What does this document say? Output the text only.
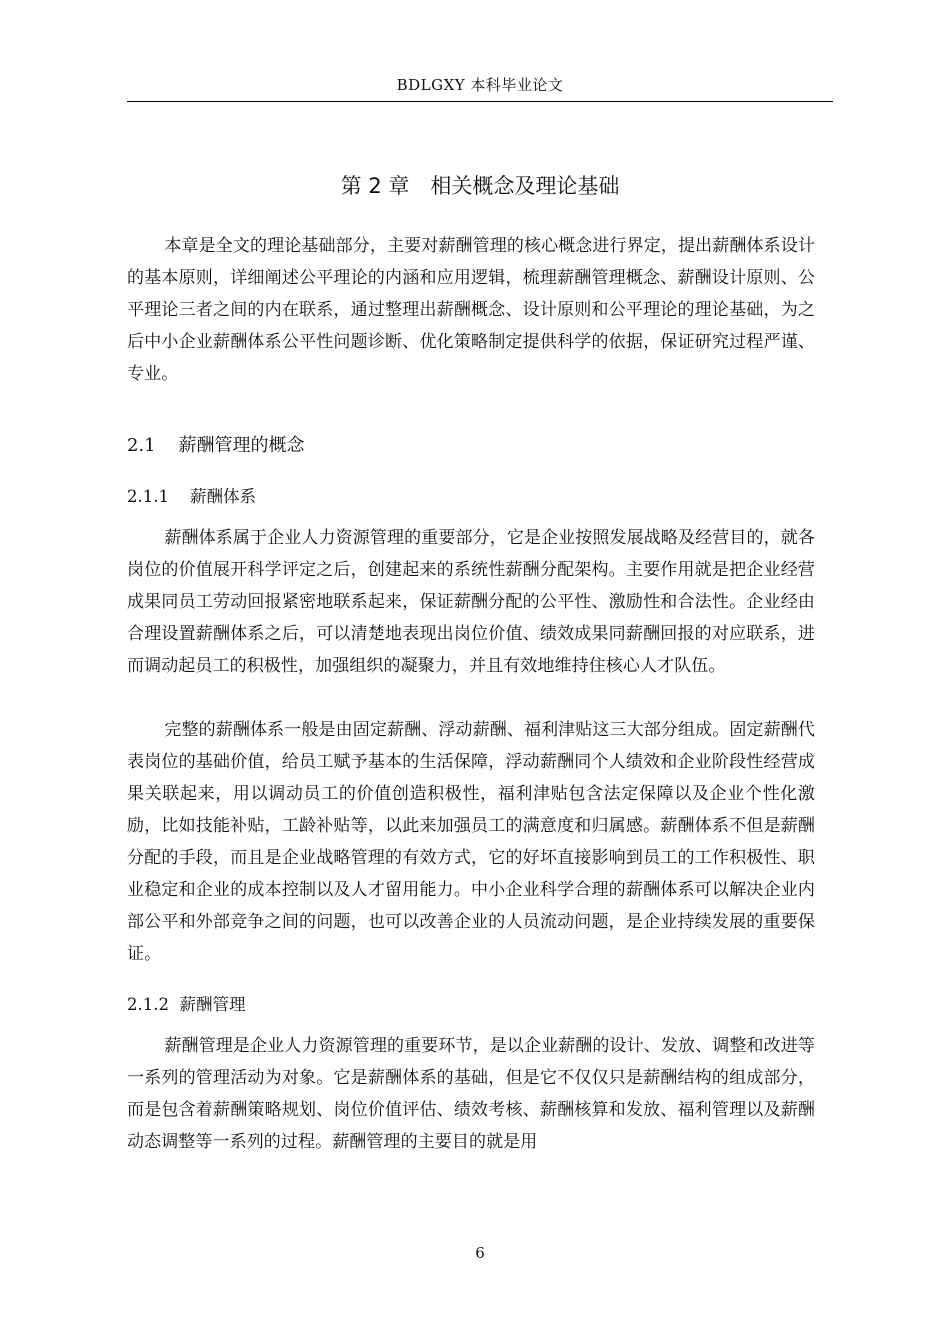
BDLGXY 本科毕业论文
第 2 章　相关概念及理论基础

本章是全文的理论基础部分，主要对薪酬管理的核心概念进行界定，提出薪酬体系设计的基本原则，详细阐述公平理论的内涵和应用逻辑，梳理薪酬管理概念、薪酬设计原则、公平理论三者之间的内在联系，通过整理出薪酬概念、设计原则和公平理论的理论基础，为之后中小企业薪酬体系公平性问题诊断、优化策略制定提供科学的依据，保证研究过程严谨、专业。

2.1 薪酬管理的概念
2.1.1 薪酬体系

薪酬体系属于企业人力资源管理的重要部分，它是企业按照发展战略及经营目的，就各岗位的价值展开科学评定之后，创建起来的系统性薪酬分配架构。主要作用就是把企业经营成果同员工劳动回报紧密地联系起来，保证薪酬分配的公平性、激励性和合法性。企业经由合理设置薪酬体系之后，可以清楚地表现出岗位价值、绩效成果同薪酬回报的对应联系，进而调动起员工的积极性，加强组织的凝聚力，并且有效地维持住核心人才队伍。

完整的薪酬体系一般是由固定薪酬、浮动薪酬、福利津贴这三大部分组成。固定薪酬代表岗位的基础价值，给员工赋予基本的生活保障，浮动薪酬同个人绩效和企业阶段性经营成果关联起来，用以调动员工的价值创造积极性，福利津贴包含法定保障以及企业个性化激励，比如技能补贴，工龄补贴等，以此来加强员工的满意度和归属感。薪酬体系不但是薪酬分配的手段，而且是企业战略管理的有效方式，它的好坏直接影响到员工的工作积极性、职业稳定和企业的成本控制以及人才留用能力。中小企业科学合理的薪酬体系可以解决企业内部公平和外部竞争之间的问题，也可以改善企业的人员流动问题，是企业持续发展的重要保证。

2.1.2 薪酬管理

薪酬管理是企业人力资源管理的重要环节，是以企业薪酬的设计、发放、调整和改进等一系列的管理活动为对象。它是薪酬体系的基础，但是它不仅仅只是薪酬结构的组成部分，而是包含着薪酬策略规划、岗位价值评估、绩效考核、薪酬核算和发放、福利管理以及薪酬动态调整等一系列的过程。薪酬管理的主要目的就是用

6
